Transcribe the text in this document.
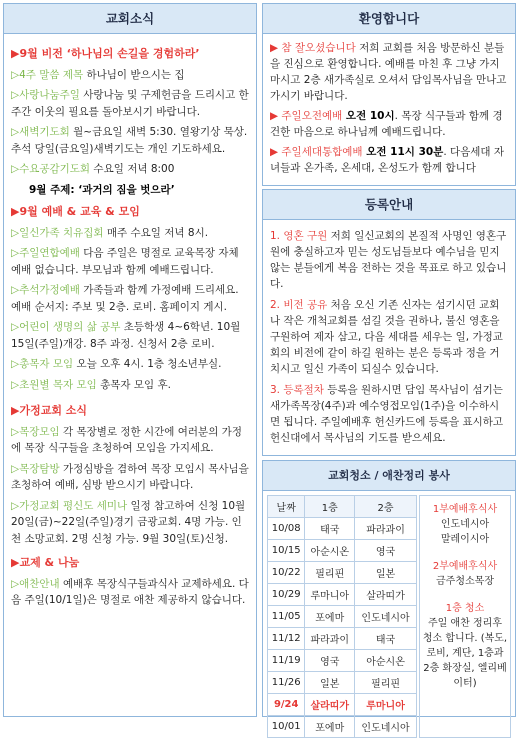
교회소식
▶9월 비전 ‘하나님의 손길을 경험하라’
▷4주 말씀 제목 하나님이 받으시는 집
▷사랑나눔주일 사랑나눔 및 구제헌금을 드리시고 한 주간 이웃의 필요를 돌아보시기 바랍니다.
▷새벽기도회 월~금요일 새벽 5:30. 열왕기상 묵상. 추석 당일(금요일)새벽기도는 개인 기도하세요.
▷수요공감기도회 수요일 저녁 8:00
9월 주제: ‘과거의 짐을 벗으라’
▶9월 예배 & 교육 & 모임
▷일신가족 치유집회 매주 수요일 저녁 8시.
▷주일연합예배 다음 주일은 명절로 교육목장 자체 예배 없습니다. 부모님과 함께 예배드립니다.
▷추석가정예배 가족들과 함께 가정예배 드리세요. 예배 순서지: 주보 및 2층. 로비. 홈페이지 게시.
▷어린이 생명의 삶 공부 초등학생 4~6학년. 10월 15일(주일)개강. 8주 과정. 신청서 2층 로비.
▷총목자 모임 오늘 오후 4시. 1층 청소년부실.
▷초원별 목자 모임 총목자 모임 후.
▶가정교회 소식
▷목장모임 각 목장별로 정한 시간에 여러분의 가정에 목장 식구들을 초청하여 모임을 가지세요.
▷목장탐방 가정심방을 겸하여 목장 모임시 목사님을 초청하여 예배, 심방 받으시기 바랍니다.
▷가정교회 평신도 세미나 일정 참고하여 신청 10월 20일(금)~22일(주일)경기 금광교회. 4명 가능. 인천 소망교회. 2명 신청 가능. 9월 30일(토)신청.
▶교제 & 나눔
▷애찬안내 예배후 목장식구들과식사 교제하세요. 다음 주일(10/1일)은 명절로 애찬 제공하지 않습니다.
환영합니다
▶ 참 잘오셨습니다 저희 교회를 처음 방문하신 분들을 진심으로 환영합니다. 예배를 마친 후 그냥 가지 마시고 2층 새가족실로 오셔서 담임목사님을 만나고 가시기 바랍니다.
▶ 주일오전예배 오전 10시. 목장 식구들과 함께 경건한 마음으로 하나님께 예배드립니다.
▶ 주일세대통합예배 오전 11시 30분. 다음세대 자녀들과 온가족, 온세대, 온성도가 함께 합니다
등록안내
1. 영혼 구원 저희 일신교회의 본질적 사명인 영혼구원에 충실하고자 믿는 성도님들보다 예수님을 믿지 않는 분들에게 복음 전하는 것을 목표로 하고 있습니다.
2. 비전 공유 처음 오신 기존 신자는 섬기시던 교회나 작은 개척교회를 섬길 것을 권하나, 불신 영혼을 구원하여 제자 삼고, 다음 세대를 세우는 일, 가정교회의 비전에 같이 하길 원하는 분은 등록과 정을 거치시고 일신 가족이 되실수 있습니다.
3. 등록절차 등록을 원하시면 담임 목사님이 섬기는 새가족목장(4주)과 예수영접모임(1주)을 이수하시면 됩니다. 주일예배후 헌신카드에 등록을 표시하고 헌신대에서 목사님의 기도를 받으세요.
교회청소 / 애찬정리 봉사
날짜	1층	2층
10/08	태국	파라과이
10/15	아순시온	영국
10/22	필리핀	일본
10/29	루마니아	살라띠가
11/05	포에마	인도네시아
11/12	파라과이	태국
11/19	영국	아순시온
11/26	일본	필리핀
9/24	살라띠가	루마니아
10/01	포에마	인도네시아
1부예배후식사
인도네시아
말레이시아
2부예배후식사
금주청소목장
1층 청소
주일 애찬 정리후 청소 합니다. (복도, 로비, 계단, 1층과 2층 화장실, 엘리베이터)
